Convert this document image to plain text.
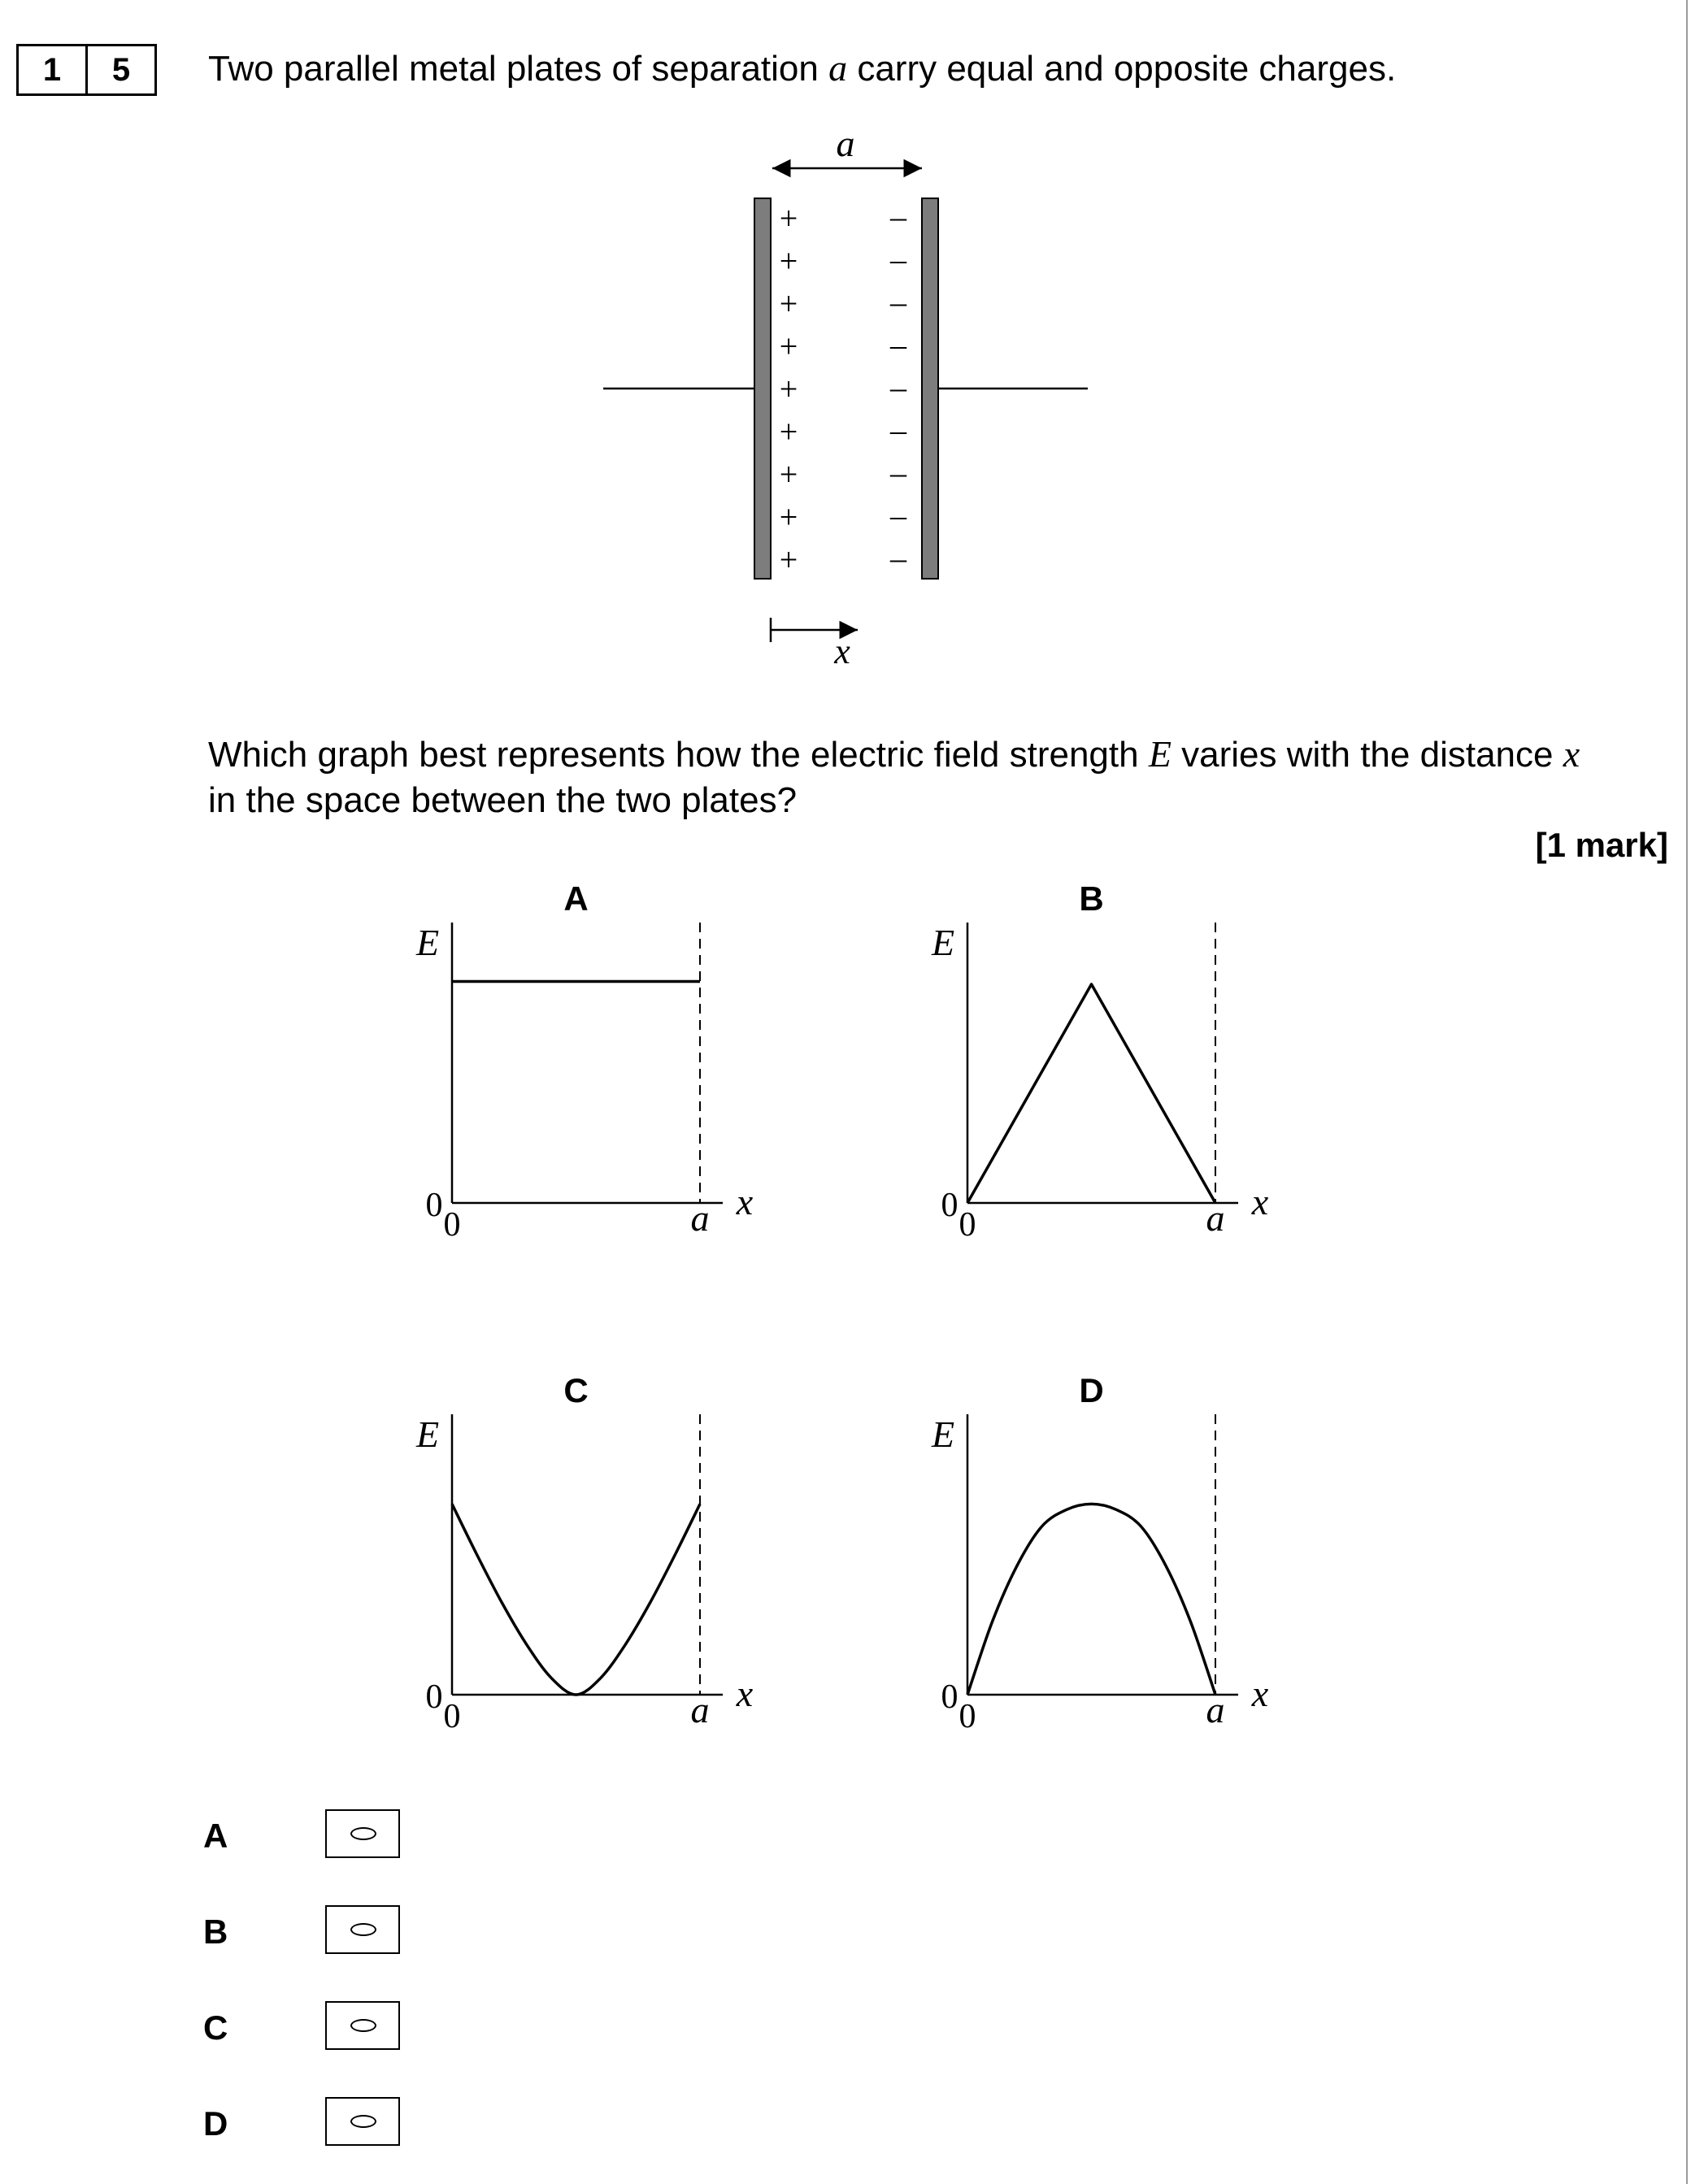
1	5	Two parallel metal plates of separation a carry equal and opposite charges.
Which graph best represents how the electric field strength E varies with the distance x
in the space between the two plates?
[1 mark]
a
+
+
+
+
+
+
+
+
+
–
–
–
–
–
–
–
–
–
x
A
E
x
a
0
0
B
E
x
a
0
0
C
E
x
a
0
0
D
E
x
a
0
0
A
B
C
D
